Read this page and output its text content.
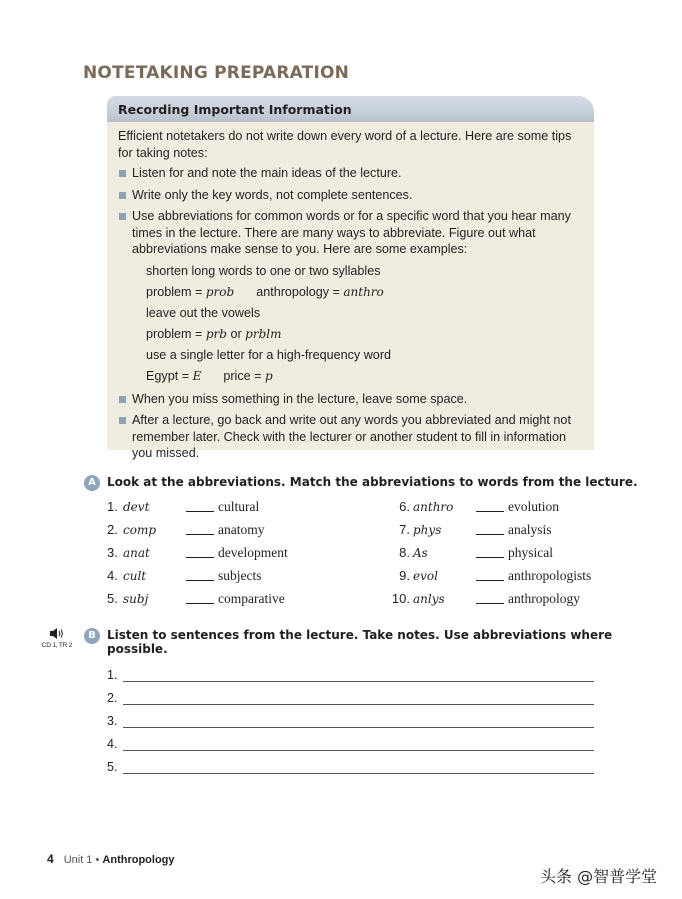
NOTETAKING PREPARATION
Recording Important Information

Efficient notetakers do not write down every word of a lecture. Here are some tips for taking notes:

Listen for and note the main ideas of the lecture.
Write only the key words, not complete sentences.
Use abbreviations for common words or for a specific word that you hear many times in the lecture. There are many ways to abbreviate. Figure out what abbreviations make sense to you. Here are some examples:

shorten long words to one or two syllables

problem = prob anthropology = anthro

leave out the vowels

problem = prb or prblm

use a single letter for a high-frequency word

Egypt = E price = p

When you miss something in the lecture, leave some space.
After a lecture, go back and write out any words you abbreviated and might not remember later. Check with the lecturer or another student to fill in information you missed.
A Look at the abbreviations. Match the abbreviations to words from the lecture.
1. devt	cultural
2. comp	anatomy
3. anat	development
4. cult	subjects
5. subj	comparative
6. anthro	evolution
7. phys	analysis
8. As	physical
9. evol	anthropologists
10. anlys	anthropology
CD 1, TR 2
B Listen to sentences from the lecture. Take notes. Use abbreviations where
possible.
1.
2.
3.
4.
5.
4 Unit 1 • Anthropology
头条 @智普学堂
